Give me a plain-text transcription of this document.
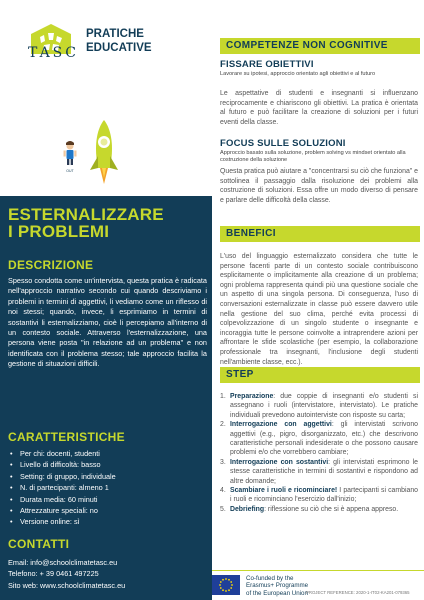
TASC
PRATICHE
EDUCATIVE
OUT
ESTERNALIZZARE
I PROBLEMI
DESCRIZIONE
Spesso condotta come un'intervista, questa pratica è radicata nell'approccio narrativo secondo cui quando descriviamo i problemi in termini di aggettivi, li vediamo come un riflesso di noi stessi; quando, invece, li esprimiamo in termini di sostantivi li esternalizziamo, cioè li percepiamo all'interno di un contesto sociale. Attraverso l'esternalizzazione, una persona viene posta "in relazione ad un problema" e non identificata con il problema stesso; tale approccio facilita la gestione di situazioni difficili.
CARATTERISTICHE
• Per chi: docenti, studenti
• Livello di difficoltà: basso
• Setting: di gruppo, individuale
• N. di partecipanti: almeno 1
• Durata media: 60 minuti
• Attrezzature speciali: no
• Versione online: sì
CONTATTI
Email: info@schoolclimatetasc.eu
Telefono: + 39 0461 497225
Sito web: www.schoolclimatetasc.eu
COMPETENZE NON COGNITIVE
FISSARE OBIETTIVI
Lavorare su ipotesi, approccio orientato agli obiettivi e al futuro
Le aspettative di studenti e insegnanti si influenzano reciprocamente e chiariscono gli obiettivi. La pratica è orientata al futuro e può facilitare la creazione di soluzioni per i futuri eventi della classe.
FOCUS SULLE SOLUZIONI
Approccio basato sulla soluzione, problem solving vs mindset orientato alla costruzione della soluzione
Questa pratica può aiutare a "concentrarsi su ciò che funziona" e sottolinea il passaggio dalla risoluzione dei problemi alla costruzione di soluzioni. Essa offre un modo diverso di pensare e parlare delle difficoltà della classe.
BENEFICI
L'uso del linguaggio esternalizzato considera che tutte le persone facenti parte di un contesto sociale contribuiscono esplicitamente o implicitamente alla creazione di un problema; ogni problema rappresenta quindi più una questione sociale che un aspetto di una singola persona. Di conseguenza, l'uso di conversazioni esternalizzate in classe può essere davvero utile nella gestione del suo clima, perché evita processi di colpevolizzazione di un singolo studente o insegnante e incoraggia tutte le persone coinvolte a intraprendere azioni per affrontare le sfide scolastiche (per esempio, la collaborazione professionale tra insegnanti, l'inclusione degli studenti nell'ambiente classe, ecc.).
STEP
1. Preparazione: due coppie di insegnanti e/o studenti si assegnano i ruoli (intervistatore, intervistato). Le pratiche individuali prevedono autointerviste con risposte su carta;
2. Interrogazione con aggettivi: gli intervistati scrivono aggettivi (e.g., pigro, disorganizzato, etc.) che descrivono caratteristiche personali indesiderate o che possono causare problemi e/o che vorrebbero cambiare;
3. Interrogazione con sostantivi: gli intervistati esprimono le stesse caratteristiche in termini di sostantivi e rispondono ad altre domande;
4. Scambiare i ruoli e ricominciare! I partecipanti si cambiano i ruoli e ricominciano l'esercizio dall'inizio;
5. Debriefing: riflessione su ciò che si è appena appreso.
Co-funded by the
Erasmus+ Programme
of the European Union
PROJECT REFERENCE: 2020-1-IT02-KA201-079365
